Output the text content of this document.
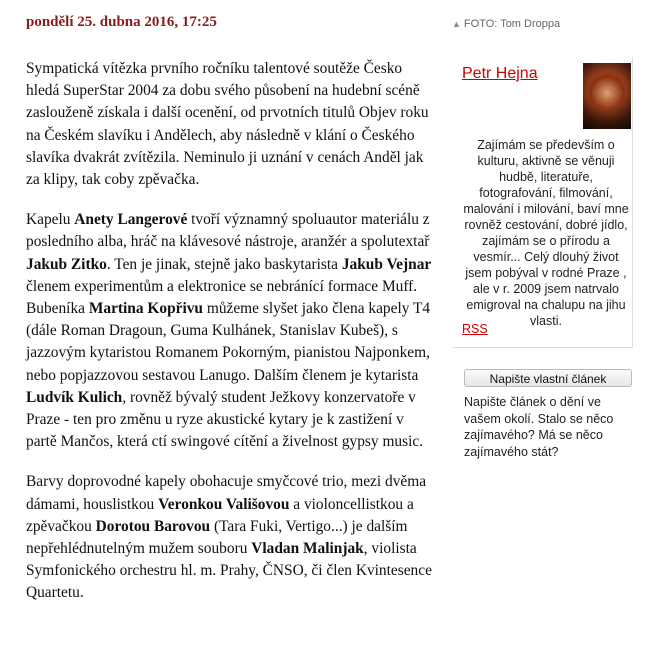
pondělí 25. dubna 2016, 17:25	▲ FOTO: Tom Droppa

Sympatická vítězka prvního ročníku talentové soutěže Česko hledá SuperStar 2004 za dobu svého působení na hudební scéně zaslouženě získala i další ocenění, od prvotních titulů Objev roku na Českém slavíku i Andělech, aby následně v klání o Českého slavíka dvakrát zvítězila. Neminulo ji uznání v cenách Anděl jak za klipy, tak coby zpěvačka.

Kapelu Anety Langerové tvoří významný spoluautor materiálu z posledního alba, hráč na klávesové nástroje, aranžér a spolutextař Jakub Zitko. Ten je jinak, stejně jako baskytarista Jakub Vejnar členem experimentům a elektronice se nebránící formace Muff. Bubeníka Martina Kopřivu můžeme slyšet jako člena kapely T4 (dále Roman Dragoun, Guma Kulhánek, Stanislav Kubeš), s jazzovým kytaristou Romanem Pokorným, pianistou Najponkem, nebo popjazzovou sestavou Lanugo. Dalším členem je kytarista Ludvík Kulich, rovněž bývalý student Ježkovy konzervatoře v Praze - ten pro změnu u ryze akustické kytary je k zastižení v partě Mančos, která ctí swingové cítění a živelnost gypsy music.

Barvy doprovodné kapely obohacuje smyčcové trio, mezi dvěma dámami, houslistkou Veronkou Vališovou a violoncellistkou a zpěvačkou Dorotou Barovou (Tara Fuki, Vertigo...) je dalším nepřehlédnutelným mužem souboru Vladan Malinjak, violista Symfonického orchestru hl. m. Prahy, ČNSO, či člen Kvintesence Quartetu.

Petr Hejna
Zajímám se především o kulturu, aktivně se věnuji hudbě, literatuře, fotografování, filmování, malování i milování, baví mne rovněž cestování, dobré jídlo, zajímám se o přírodu a vesmír... Celý dlouhý život jsem pobýval v rodné Praze , ale v r. 2009 jsem natrvalo emigroval na chalupu na jihu vlasti.
RSS
Napište vlastní článek
Napište článek o dění ve vašem okolí. Stalo se něco zajímavého? Má se něco zajímavého stát?
